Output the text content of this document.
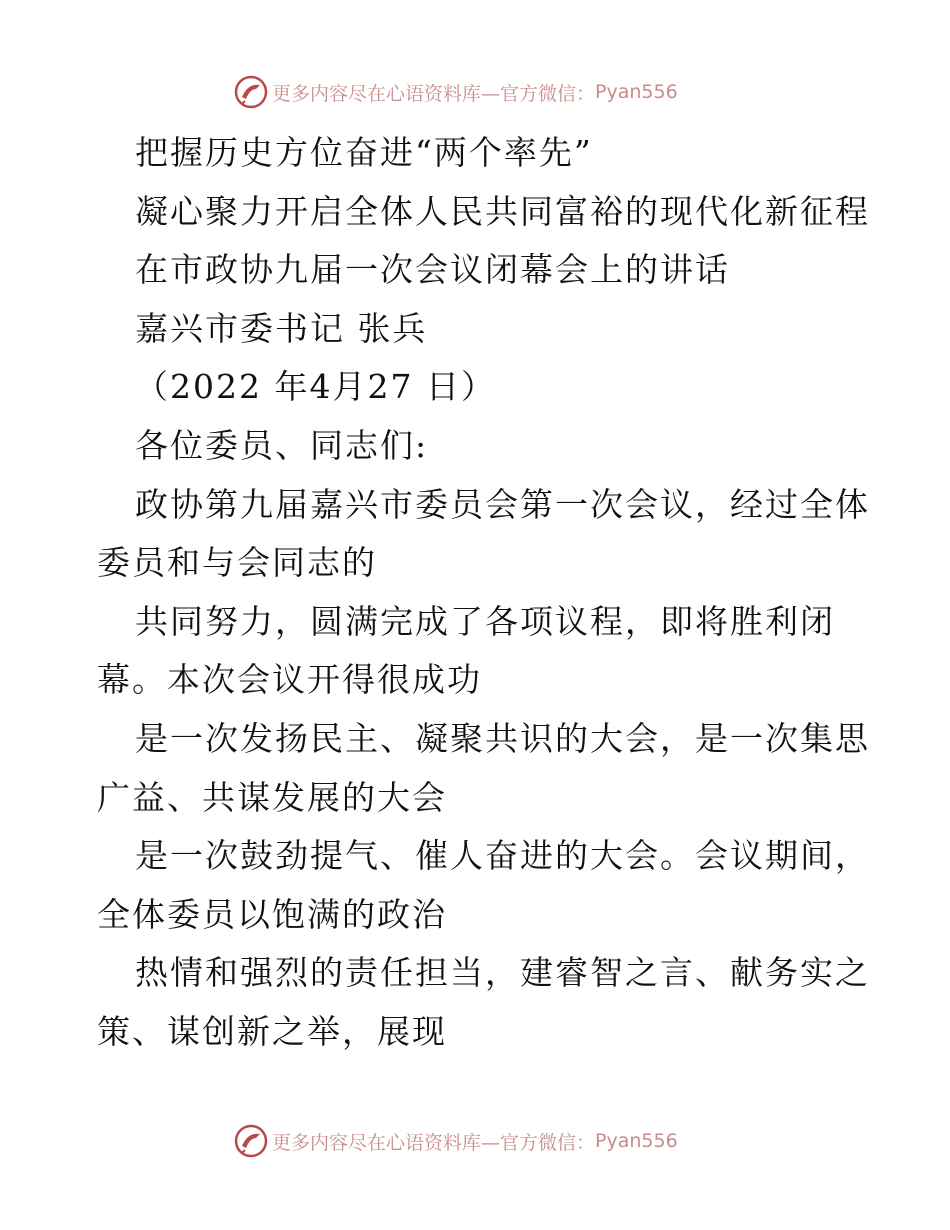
更多内容尽在心语资料库—官方微信： Pyan556

把握历史方位奋进“两个率先”

凝心聚力开启全体人民共同富裕的现代化新征程

在市政协九届一次会议闭幕会上的讲话

嘉兴市委书记 张兵

（2022 年4月27 日）

各位委员、同志们:

政协第九届嘉兴市委员会第一次会议，经过全体

委员和与会同志的

共同努力，圆满完成了各项议程，即将胜利闭

幕。本次会议开得很成功

是一次发扬民主、凝聚共识的大会，是一次集思

广益、共谋发展的大会

是一次鼓劲提气、催人奋进的大会。会议期间，

全体委员以饱满的政治

热情和强烈的责任担当，建睿智之言、献务实之

策、谋创新之举，展现

更多内容尽在心语资料库—官方微信： Pyan556
